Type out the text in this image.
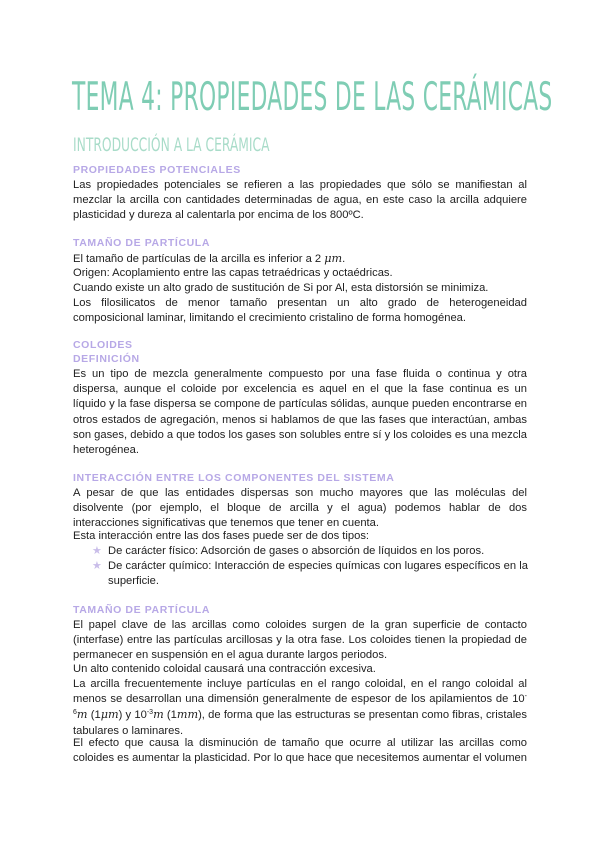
TEMA 4: PROPIEDADES DE LAS CERÁMICAS
INTRODUCCIÓN A LA CERÁMICA
PROPIEDADES POTENCIALES
Las propiedades potenciales se refieren a las propiedades que sólo se manifiestan al mezclar la arcilla con cantidades determinadas de agua, en este caso la arcilla adquiere plasticidad y dureza al calentarla por encima de los 800ºC.
TAMAÑO DE PARTÍCULA
El tamaño de partículas de la arcilla es inferior a 2 μm.
Origen: Acoplamiento entre las capas tetraédricas y octaédricas.
Cuando existe un alto grado de sustitución de Si por Al, esta distorsión se minimiza.
Los filosilicatos de menor tamaño presentan un alto grado de heterogeneidad composicional laminar, limitando el crecimiento cristalino de forma homogénea.
COLOIDES
DEFINICIÓN
Es un tipo de mezcla generalmente compuesto por una fase fluida o continua y otra dispersa, aunque el coloide por excelencia es aquel en el que la fase continua es un líquido y la fase dispersa se compone de partículas sólidas, aunque pueden encontrarse en otros estados de agregación, menos si hablamos de que las fases que interactúan, ambas son gases, debido a que todos los gases son solubles entre sí y los coloides es una mezcla heterogénea.
INTERACCIÓN ENTRE LOS COMPONENTES DEL SISTEMA
A pesar de que las entidades dispersas son mucho mayores que las moléculas del disolvente (por ejemplo, el bloque de arcilla y el agua) podemos hablar de dos interacciones significativas que tenemos que tener en cuenta.
Esta interacción entre las dos fases puede ser de dos tipos:
★ De carácter físico: Adsorción de gases o absorción de líquidos en los poros.
★ De carácter químico: Interacción de especies químicas con lugares específicos en la superficie.
TAMAÑO DE PARTÍCULA
El papel clave de las arcillas como coloides surgen de la gran superficie de contacto (interfase) entre las partículas arcillosas y la otra fase. Los coloides tienen la propiedad de permanecer en suspensión en el agua durante largos periodos.
Un alto contenido coloidal causará una contracción excesiva.
La arcilla frecuentemente incluye partículas en el rango coloidal, en el rango coloidal al menos se desarrollan una dimensión generalmente de espesor de los apilamientos de $10^{-6}m$ (1μm) y $10^{-3}m$ (1mm), de forma que las estructuras se presentan como fibras, cristales tabulares o laminares.
El efecto que causa la disminución de tamaño que ocurre al utilizar las arcillas como coloides es aumentar la plasticidad. Por lo que hace que necesitemos aumentar el volumen
